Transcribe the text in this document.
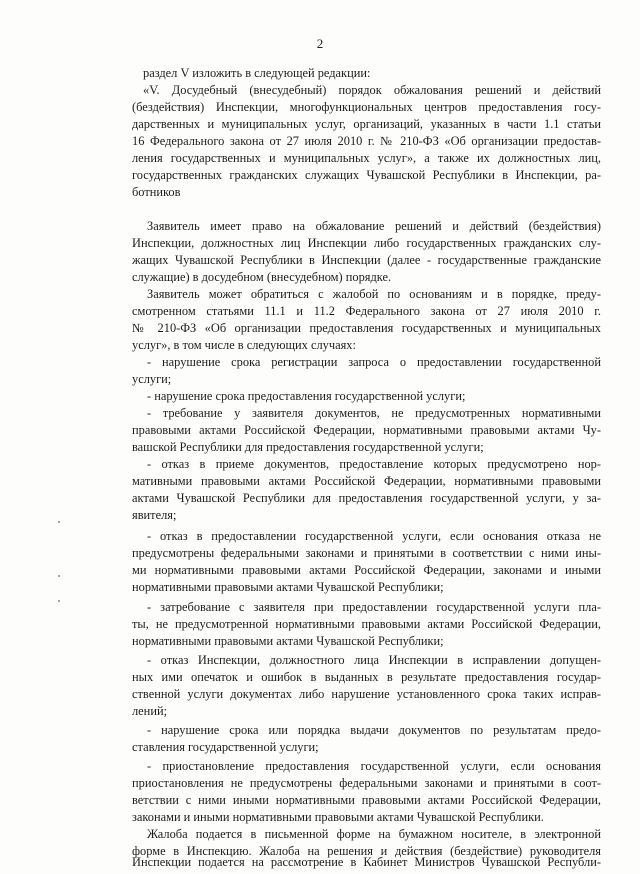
2
раздел V изложить в следующей редакции:
«V. Досудебный (внесудебный) порядок обжалования решений и действий
(бездействия) Инспекции, многофункциональных центров предоставления госу-
дарственных и муниципальных услуг, организаций, указанных в части 1.1 статьи
16 Федерального закона от 27 июля 2010 г. № 210-ФЗ «Об организации предостав-
ления государственных и муниципальных услуг», а также их должностных лиц,
государственных гражданских служащих Чувашской Республики в Инспекции, ра-
ботников
Заявитель имеет право на обжалование решений и действий (бездействия)
Инспекции, должностных лиц Инспекции либо государственных гражданских слу-
жащих Чувашской Республики в Инспекции (далее - государственные гражданские
служащие) в досудебном (внесудебном) порядке.
Заявитель может обратиться с жалобой по основаниям и в порядке, преду-
смотренном статьями 11.1 и 11.2 Федерального закона от 27 июля 2010 г.
№ 210-ФЗ «Об организации предоставления государственных и муниципальных
услуг», в том числе в следующих случаях:
- нарушение срока регистрации запроса о предоставлении государственной
услуги;
- нарушение срока предоставления государственной услуги;
- требование у заявителя документов, не предусмотренных нормативными
правовыми актами Российской Федерации, нормативными правовыми актами Чу-
вашской Республики для предоставления государственной услуги;
- отказ в приеме документов, предоставление которых предусмотрено нор-
мативными правовыми актами Российской Федерации, нормативными правовыми
актами Чувашской Республики для предоставления государственной услуги, у за-
явителя;
- отказ в предоставлении государственной услуги, если основания отказа не
предусмотрены федеральными законами и принятыми в соответствии с ними ины-
ми нормативными правовыми актами Российской Федерации, законами и иными
нормативными правовыми актами Чувашской Республики;
- затребование с заявителя при предоставлении государственной услуги пла-
ты, не предусмотренной нормативными правовыми актами Российской Федерации,
нормативными правовыми актами Чувашской Республики;
- отказ Инспекции, должностного лица Инспекции в исправлении допущен-
ных ими опечаток и ошибок в выданных в результате предоставления государ-
ственной услуги документах либо нарушение установленного срока таких исправ-
лений;
- нарушение срока или порядка выдачи документов по результатам предо-
ставления государственной услуги;
- приостановление предоставления государственной услуги, если основания
приостановления не предусмотрены федеральными законами и принятыми в соот-
ветствии с ними иными нормативными правовыми актами Российской Федерации,
законами и иными нормативными правовыми актами Чувашской Республики.
Жалоба подается в письменной форме на бумажном носителе, в электронной
форме в Инспекцию. Жалоба на решения и действия (бездействие) руководителя
Инспекции подается на рассмотрение в Кабинет Министров Чувашской Республи-
